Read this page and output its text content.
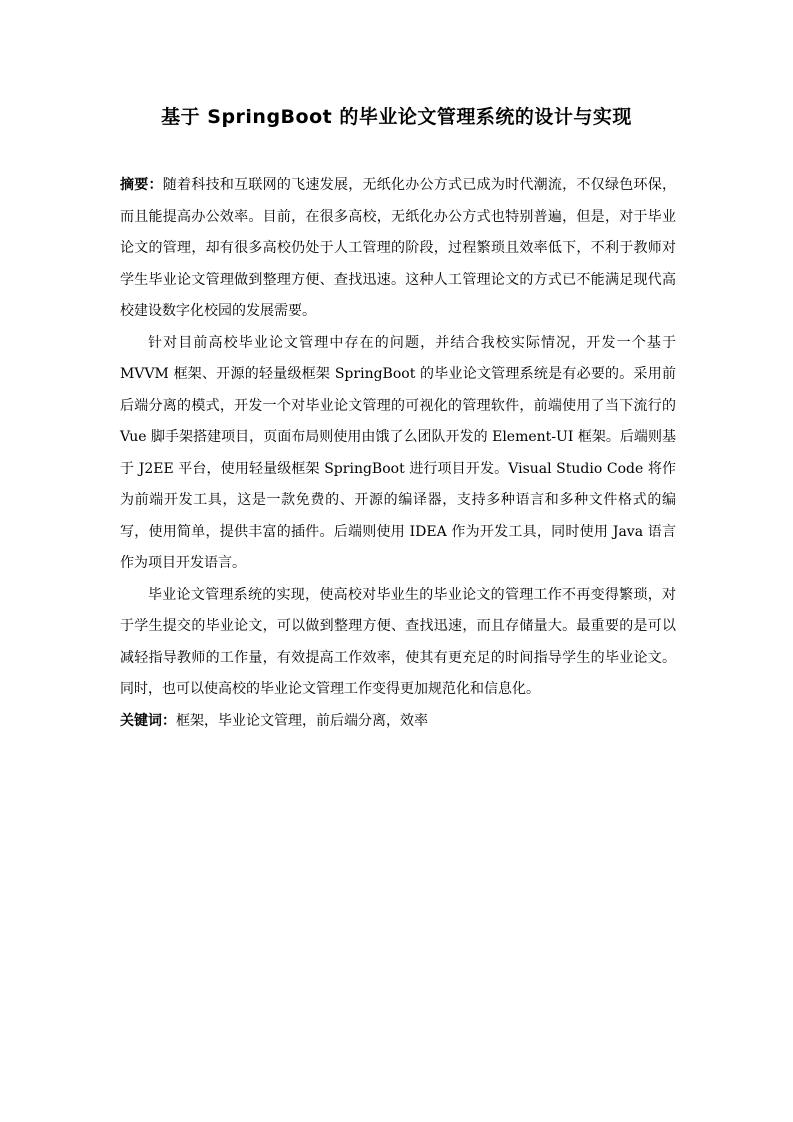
基于 SpringBoot 的毕业论文管理系统的设计与实现

摘要：随着科技和互联网的飞速发展，无纸化办公方式已成为时代潮流，不仅绿色环保，而且能提高办公效率。目前，在很多高校，无纸化办公方式也特别普遍，但是，对于毕业论文的管理，却有很多高校仍处于人工管理的阶段，过程繁琐且效率低下，不利于教师对学生毕业论文管理做到整理方便、查找迅速。这种人工管理论文的方式已不能满足现代高校建设数字化校园的发展需要。

针对目前高校毕业论文管理中存在的问题，并结合我校实际情况，开发一个基于 MVVM 框架、开源的轻量级框架 SpringBoot 的毕业论文管理系统是有必要的。采用前后端分离的模式，开发一个对毕业论文管理的可视化的管理软件，前端使用了当下流行的 Vue 脚手架搭建项目，页面布局则使用由饿了么团队开发的 Element-UI 框架。后端则基于 J2EE 平台，使用轻量级框架 SpringBoot 进行项目开发。Visual Studio Code 将作为前端开发工具，这是一款免费的、开源的编译器，支持多种语言和多种文件格式的编写，使用简单，提供丰富的插件。后端则使用 IDEA 作为开发工具，同时使用 Java 语言作为项目开发语言。

毕业论文管理系统的实现，使高校对毕业生的毕业论文的管理工作不再变得繁琐，对于学生提交的毕业论文，可以做到整理方便、查找迅速，而且存储量大。最重要的是可以减轻指导教师的工作量，有效提高工作效率，使其有更充足的时间指导学生的毕业论文。同时，也可以使高校的毕业论文管理工作变得更加规范化和信息化。

关键词：框架，毕业论文管理，前后端分离，效率
